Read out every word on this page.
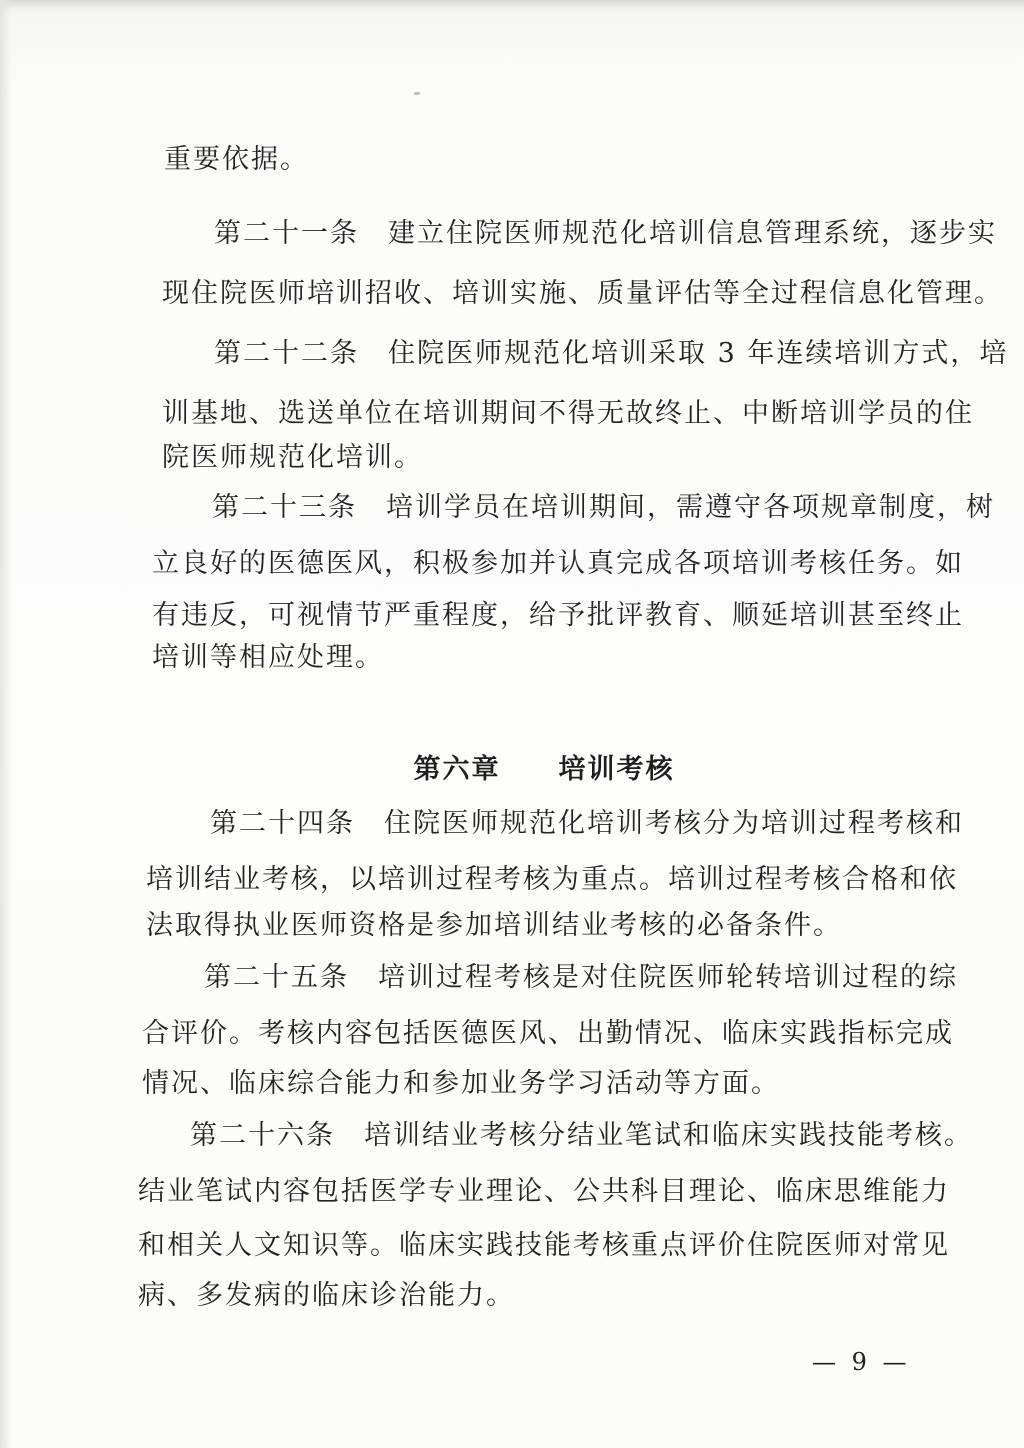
重要依据。
第二十一条　建立住院医师规范化培训信息管理系统，逐步实
现住院医师培训招收、培训实施、质量评估等全过程信息化管理。
第二十二条　住院医师规范化培训采取 3 年连续培训方式，培
训基地、选送单位在培训期间不得无故终止、中断培训学员的住
院医师规范化培训。
第二十三条　培训学员在培训期间，需遵守各项规章制度，树
立良好的医德医风，积极参加并认真完成各项培训考核任务。如
有违反，可视情节严重程度，给予批评教育、顺延培训甚至终止
培训等相应处理。
第六章　　培训考核
第二十四条　住院医师规范化培训考核分为培训过程考核和
培训结业考核，以培训过程考核为重点。培训过程考核合格和依
法取得执业医师资格是参加培训结业考核的必备条件。
第二十五条　培训过程考核是对住院医师轮转培训过程的综
合评价。考核内容包括医德医风、出勤情况、临床实践指标完成
情况、临床综合能力和参加业务学习活动等方面。
第二十六条　培训结业考核分结业笔试和临床实践技能考核。
结业笔试内容包括医学专业理论、公共科目理论、临床思维能力
和相关人文知识等。临床实践技能考核重点评价住院医师对常见
病、多发病的临床诊治能力。
— 9 —
